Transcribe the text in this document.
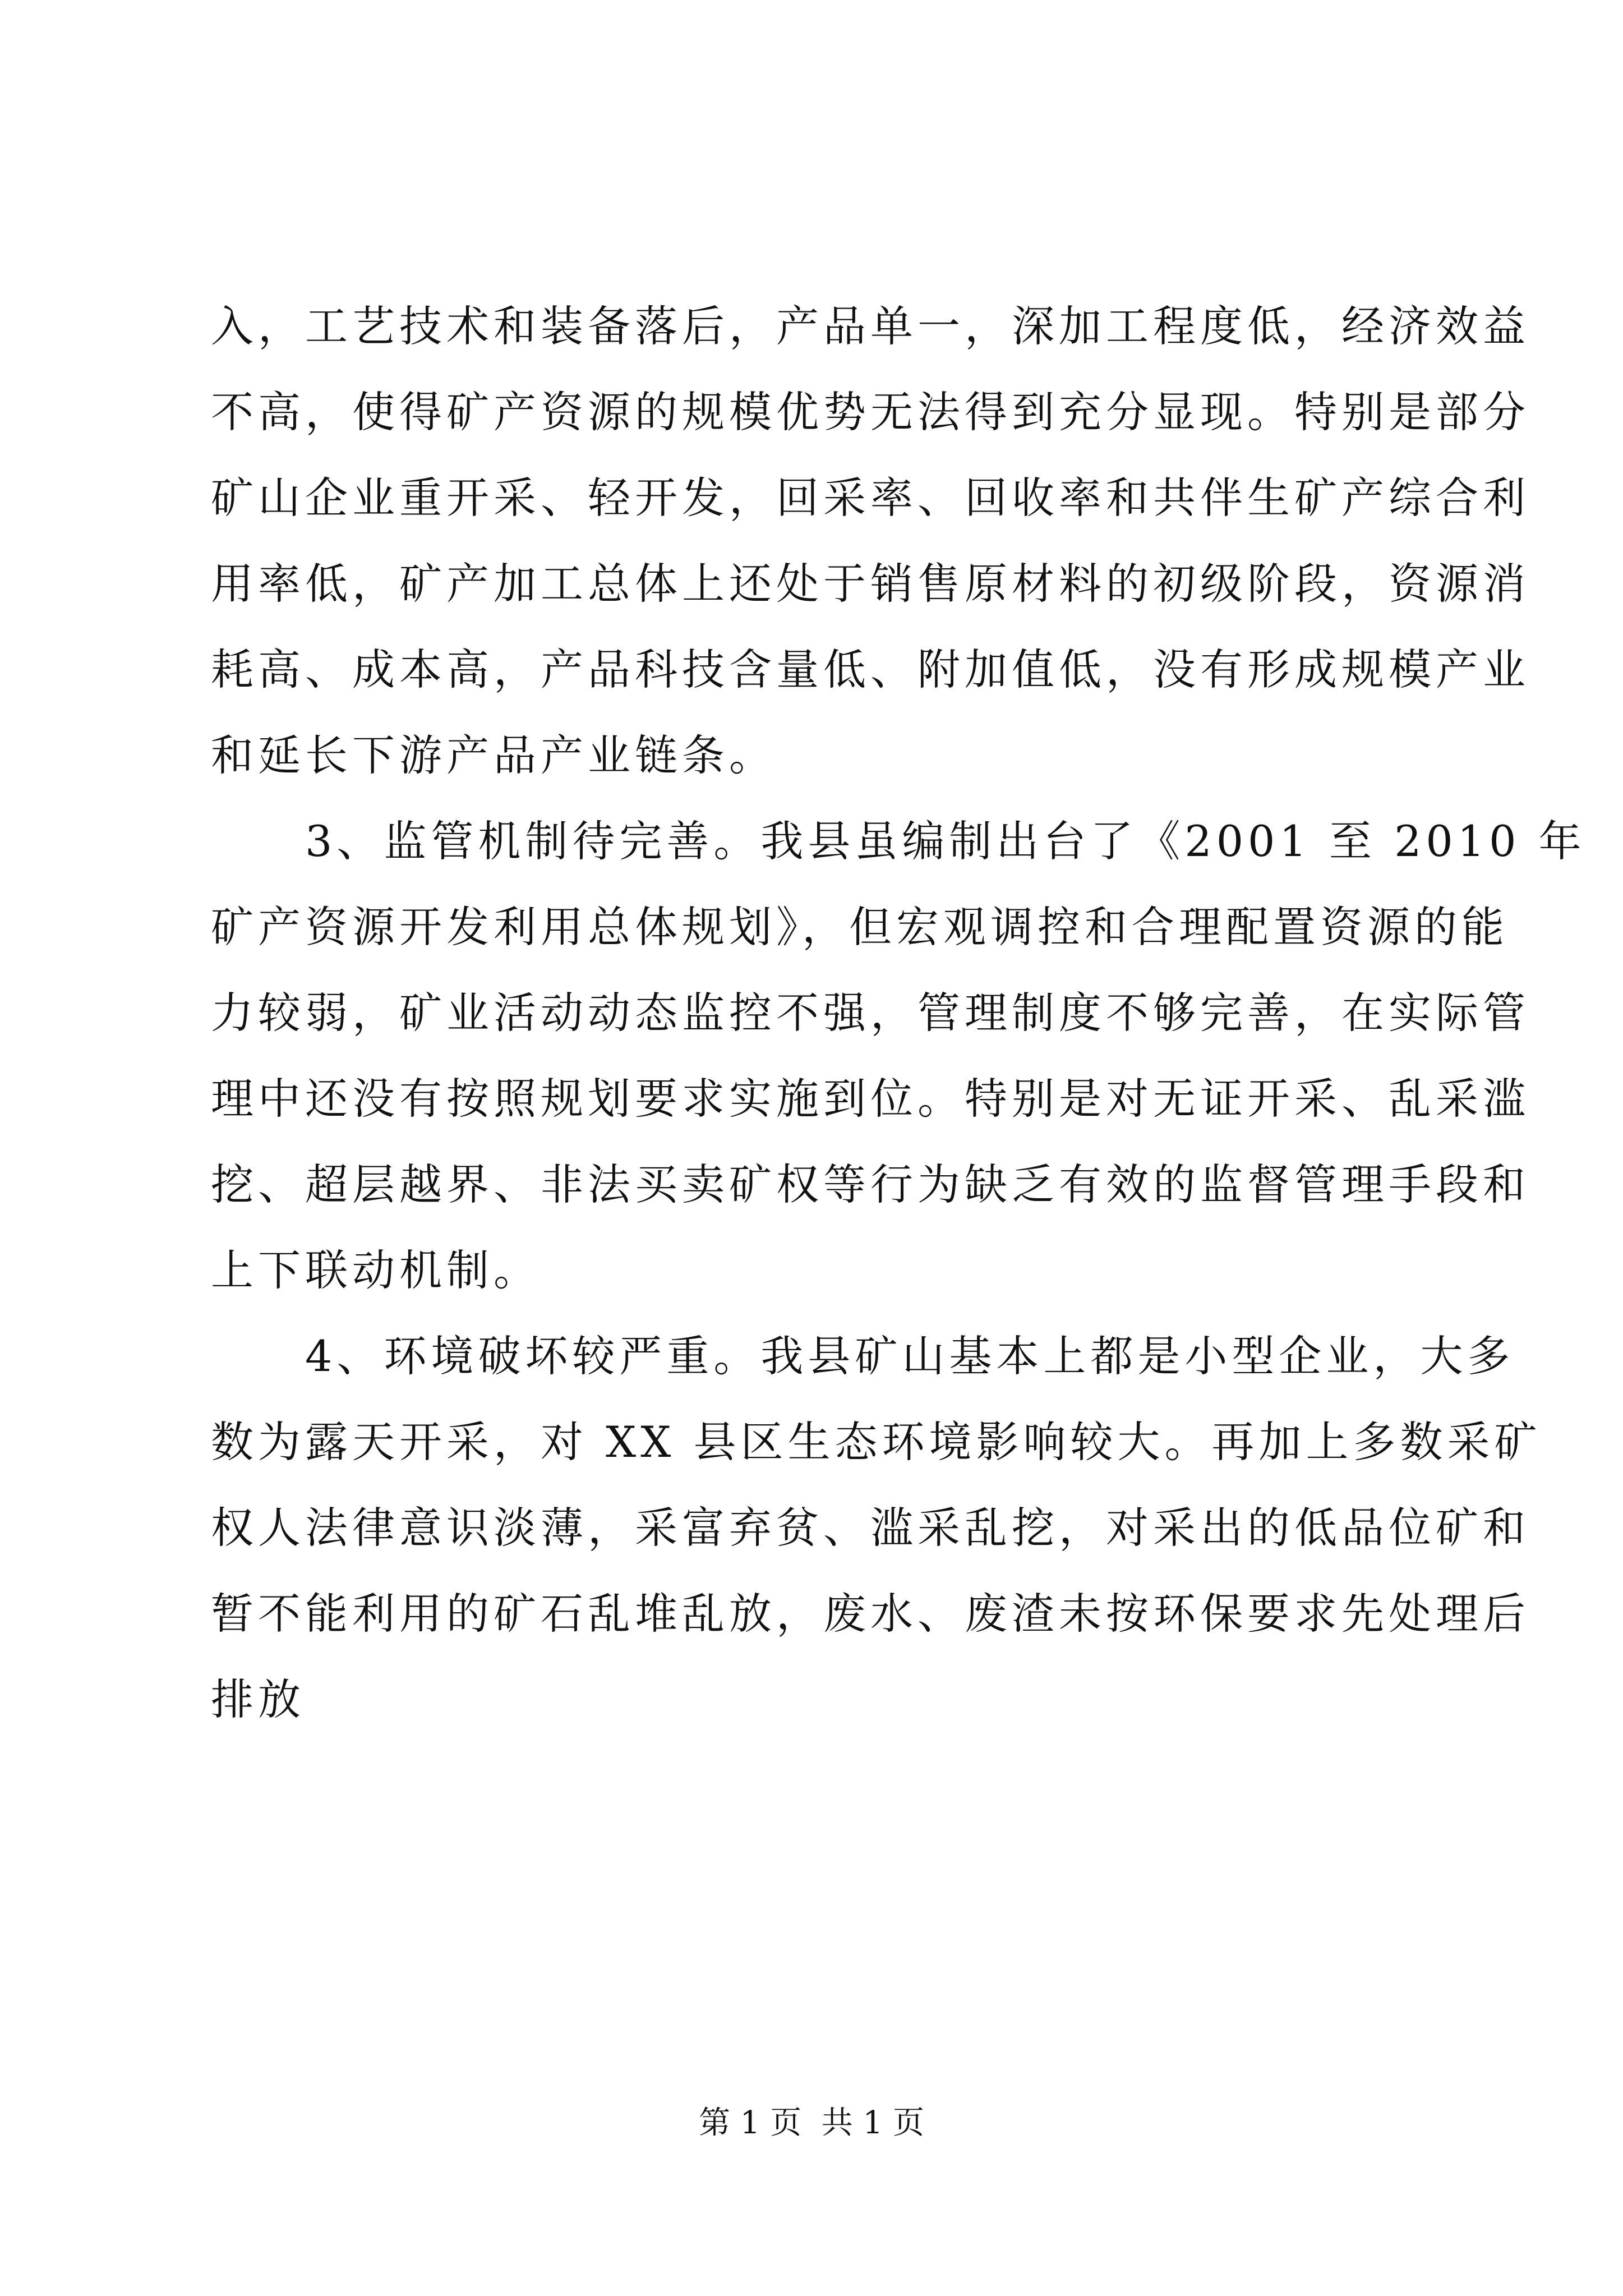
入，工艺技术和装备落后，产品单一，深加工程度低，经济效益
不高，使得矿产资源的规模优势无法得到充分显现。特别是部分
矿山企业重开采、轻开发，回采率、回收率和共伴生矿产综合利
用率低，矿产加工总体上还处于销售原材料的初级阶段，资源消
耗高、成本高，产品科技含量低、附加值低，没有形成规模产业
和延长下游产品产业链条。
　　3、监管机制待完善。我县虽编制出台了《2001 至 2010 年
矿产资源开发利用总体规划》，但宏观调控和合理配置资源的能
力较弱，矿业活动动态监控不强，管理制度不够完善，在实际管
理中还没有按照规划要求实施到位。特别是对无证开采、乱采滥
挖、超层越界、非法买卖矿权等行为缺乏有效的监督管理手段和
上下联动机制。
　　4、环境破坏较严重。我县矿山基本上都是小型企业，大多
数为露天开采，对 XX 县区生态环境影响较大。再加上多数采矿
权人法律意识淡薄，采富弃贫、滥采乱挖，对采出的低品位矿和
暂不能利用的矿石乱堆乱放，废水、废渣未按环保要求先处理后
排放
第 1 页  共 1 页
